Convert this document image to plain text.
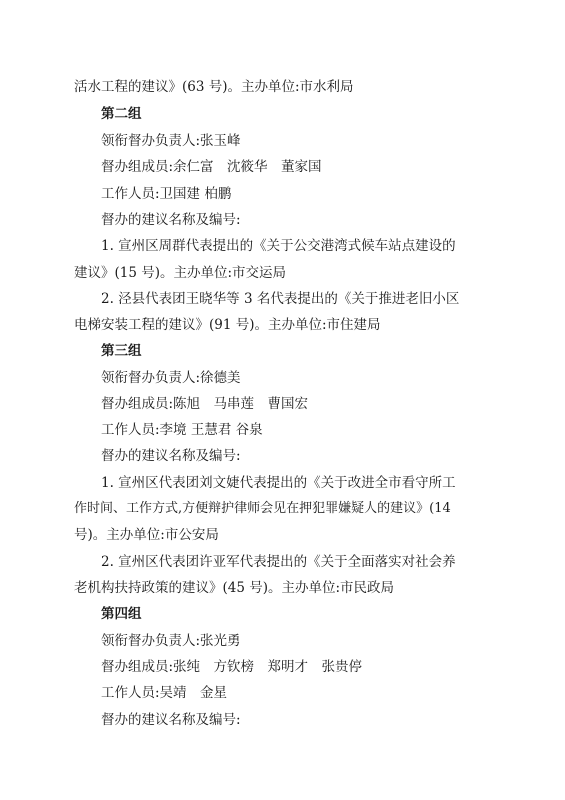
活水工程的建议》(63 号)。主办单位:市水利局
第二组
领衔督办负责人:张玉峰
督办组成员:余仁富　沈筱华　董家国
工作人员:卫国建 柏鹏
督办的建议名称及编号:
1. 宣州区周群代表提出的《关于公交港湾式候车站点建设的
建议》(15 号)。主办单位:市交运局
2. 泾县代表团王晓华等 3 名代表提出的《关于推进老旧小区
电梯安装工程的建议》(91 号)。主办单位:市住建局
第三组
领衔督办负责人:徐德美
督办组成员:陈旭　马串莲　曹国宏
工作人员:李境 王慧君 谷泉
督办的建议名称及编号:
1. 宣州区代表团刘文婕代表提出的《关于改进全市看守所工
作时间、工作方式,方便辩护律师会见在押犯罪嫌疑人的建议》(14
号)。主办单位:市公安局
2. 宣州区代表团许亚军代表提出的《关于全面落实对社会养
老机构扶持政策的建议》(45 号)。主办单位:市民政局
第四组
领衔督办负责人:张光勇
督办组成员:张纯　方钦榜　郑明才　张贵停
工作人员:吴靖　金星
督办的建议名称及编号:
